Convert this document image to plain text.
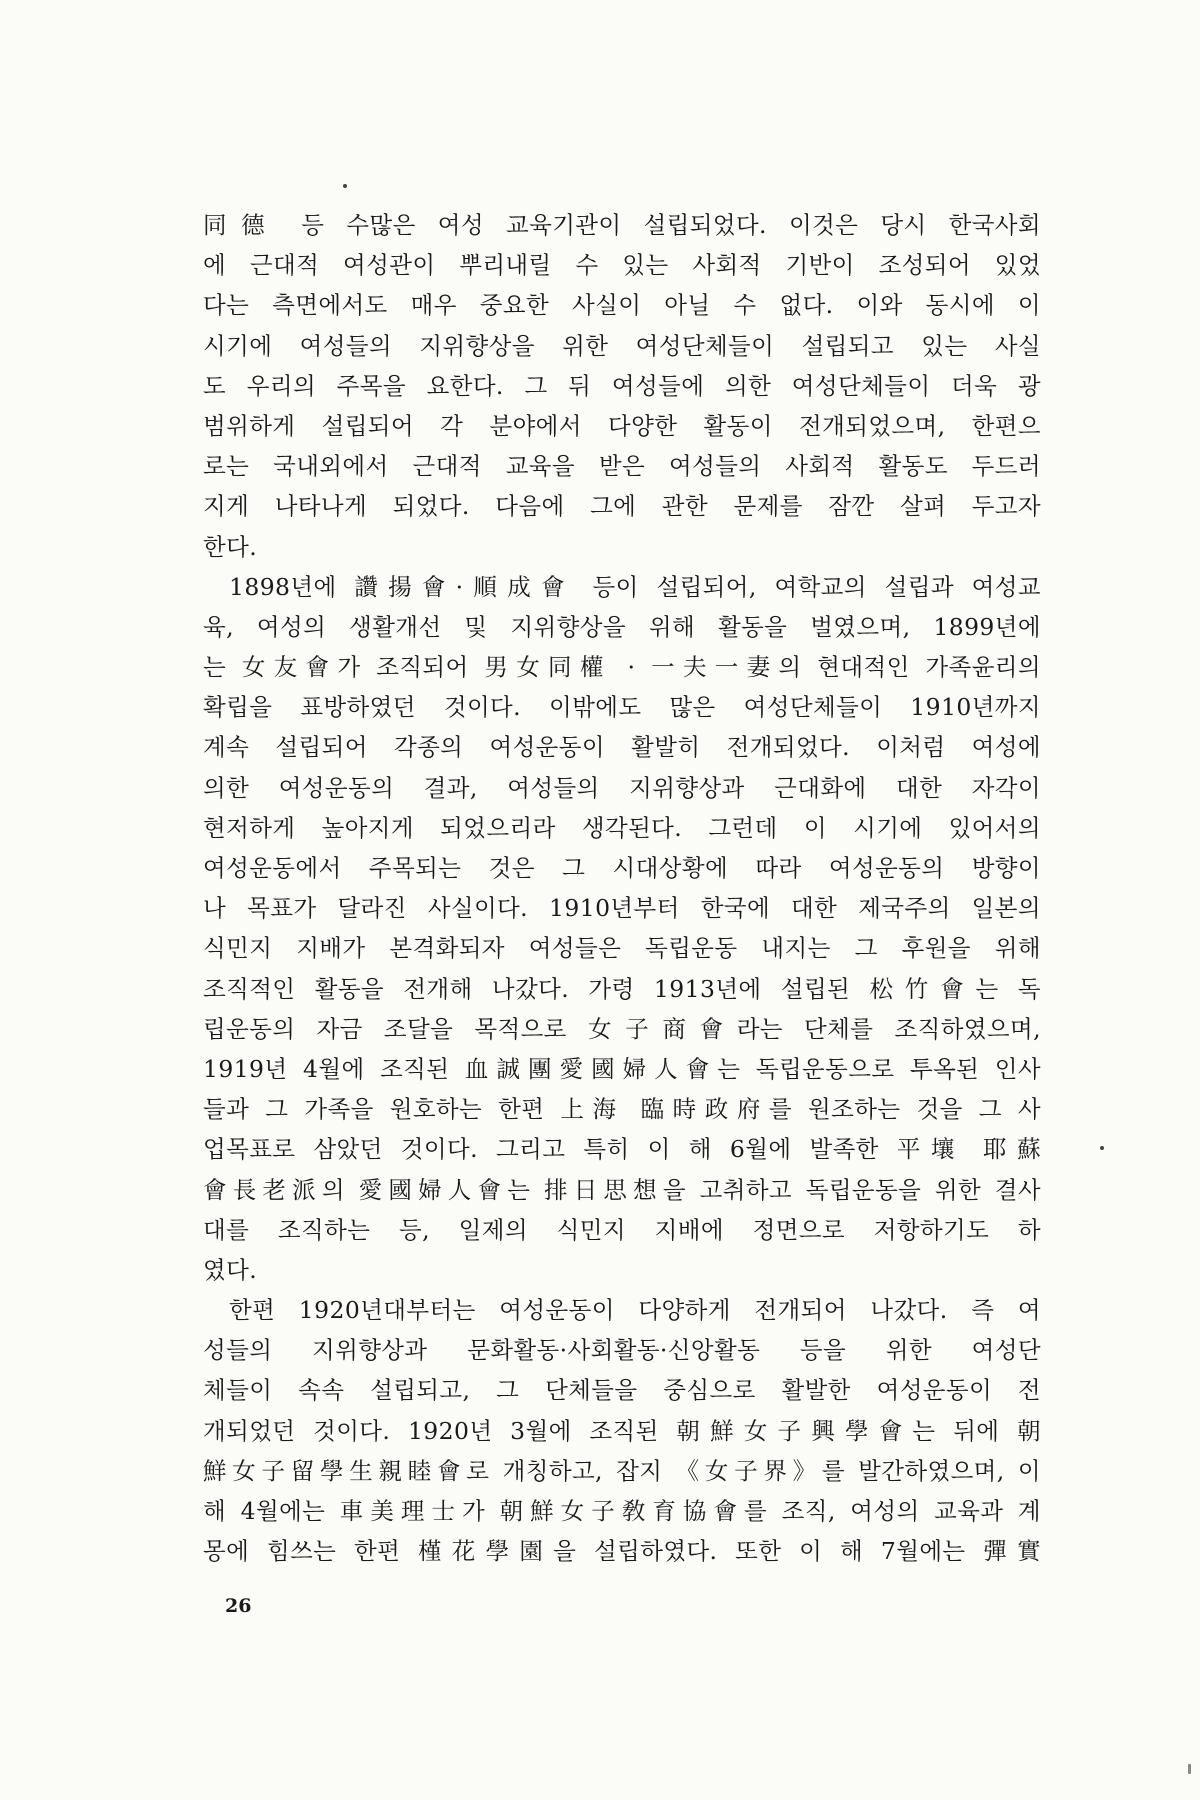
同德 등 수많은 여성 교육기관이 설립되었다. 이것은 당시 한국사회
에 근대적 여성관이 뿌리내릴 수 있는 사회적 기반이 조성되어 있었
다는 측면에서도 매우 중요한 사실이 아닐 수 없다. 이와 동시에 이
시기에 여성들의 지위향상을 위한 여성단체들이 설립되고 있는 사실
도 우리의 주목을 요한다. 그 뒤 여성들에 의한 여성단체들이 더욱 광
범위하게 설립되어 각 분야에서 다양한 활동이 전개되었으며, 한편으
로는 국내외에서 근대적 교육을 받은 여성들의 사회적 활동도 두드러
지게 나타나게 되었다. 다음에 그에 관한 문제를 잠깐 살펴 두고자
한다.
1898년에 讚揚會·順成會 등이 설립되어, 여학교의 설립과 여성교
육, 여성의 생활개선 및 지위향상을 위해 활동을 벌였으며, 1899년에
는 女友會가 조직되어 男女同權 · 一夫一妻의 현대적인 가족윤리의
확립을 표방하였던 것이다. 이밖에도 많은 여성단체들이 1910년까지
계속 설립되어 각종의 여성운동이 활발히 전개되었다. 이처럼 여성에
의한 여성운동의 결과, 여성들의 지위향상과 근대화에 대한 자각이
현저하게 높아지게 되었으리라 생각된다. 그런데 이 시기에 있어서의
여성운동에서 주목되는 것은 그 시대상황에 따라 여성운동의 방향이
나 목표가 달라진 사실이다. 1910년부터 한국에 대한 제국주의 일본의
식민지 지배가 본격화되자 여성들은 독립운동 내지는 그 후원을 위해
조직적인 활동을 전개해 나갔다. 가령 1913년에 설립된 松竹會는 독
립운동의 자금 조달을 목적으로 女子商會라는 단체를 조직하였으며,
1919년 4월에 조직된 血誠團愛國婦人會는 독립운동으로 투옥된 인사
들과 그 가족을 원호하는 한편 上海 臨時政府를 원조하는 것을 그 사
업목표로 삼았던 것이다. 그리고 특히 이 해 6월에 발족한 平壤 耶蘇
會長老派의 愛國婦人會는 排日思想을 고취하고 독립운동을 위한 결사
대를 조직하는 등, 일제의 식민지 지배에 정면으로 저항하기도 하
였다.
한편 1920년대부터는 여성운동이 다양하게 전개되어 나갔다. 즉 여
성들의 지위향상과 문화활동·사회활동·신앙활동 등을 위한 여성단
체들이 속속 설립되고, 그 단체들을 중심으로 활발한 여성운동이 전
개되었던 것이다. 1920년 3월에 조직된 朝鮮女子興學會는 뒤에 朝
鮮女子留學生親睦會로 개칭하고, 잡지 《女子界》를 발간하였으며, 이
해 4월에는 車美理士가 朝鮮女子敎育協會를 조직, 여성의 교육과 계
몽에 힘쓰는 한편 槿花學園을 설립하였다. 또한 이 해 7월에는 彈實
26
